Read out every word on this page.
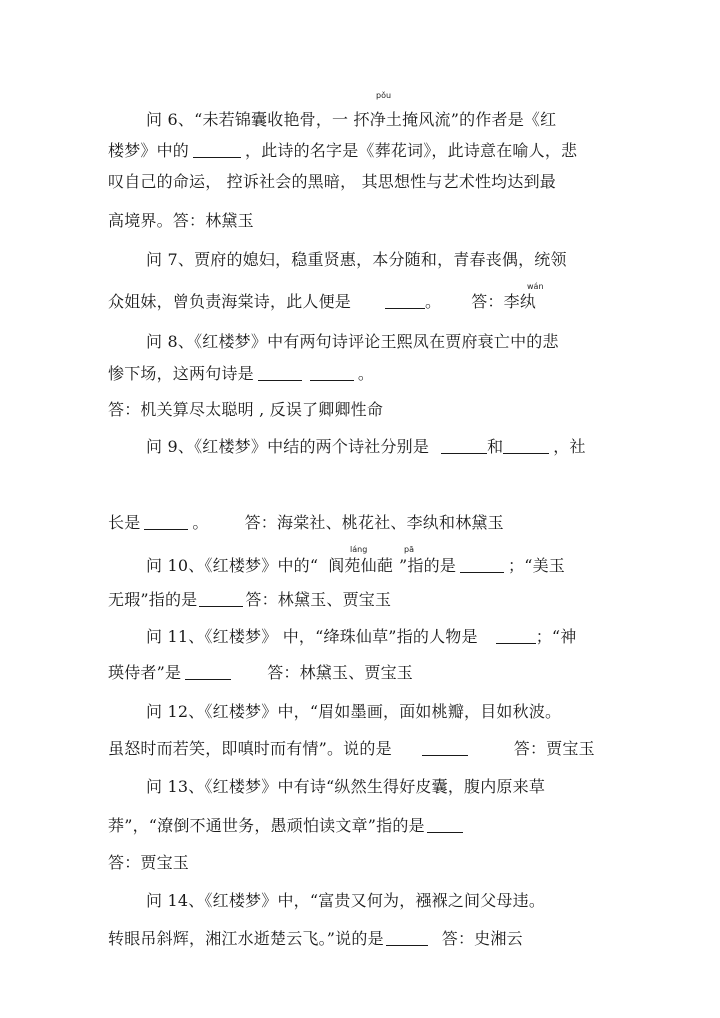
pǒu
问 6、“未若锦囊收艳骨，一 抔净土掩风流”的作者是《红
楼梦》中的	，此诗的名字是《葬花词》，此诗意在喻人，悲
叹自己的命运， 控诉社会的黑暗， 其思想性与艺术性均达到最
高境界。答：林黛玉
wán
问 7、贾府的媳妇，稳重贤惠，本分随和，青春丧偶，统领
众姐妹，曾负责海棠诗，此人便是	。 答：李纨
问 8、《红楼梦》中有两句诗评论王熙凤在贾府衰亡中的悲
惨下场，这两句诗是	。
答：机关算尽太聪明 , 反误了卿卿性命
问 9、《红楼梦》中结的两个诗社分别是	和	，社
长是	。 答：海棠社、桃花社、李纨和林黛玉
láng	pā
问 10、《红楼梦》中的“ 阆苑仙葩 ”指的是	；“美玉
无瑕”指的是	答：林黛玉、贾宝玉
问 11、《红楼梦》 中，“绛珠仙草”指的人物是	；“神
瑛侍者”是	答：林黛玉、贾宝玉
问 12、《红楼梦》中，“眉如墨画，面如桃瓣，目如秋波。
虽怒时而若笑，即嗔时而有情”。说的是	答：贾宝玉
问 13、《红楼梦》中有诗“纵然生得好皮囊，腹内原来草
莽”，“潦倒不通世务，愚顽怕读文章”指的是
答：贾宝玉
问 14、《红楼梦》中，“富贵又何为，襁褓之间父母违。
转眼吊斜辉，湘江水逝楚云飞。”说的是	答：史湘云
